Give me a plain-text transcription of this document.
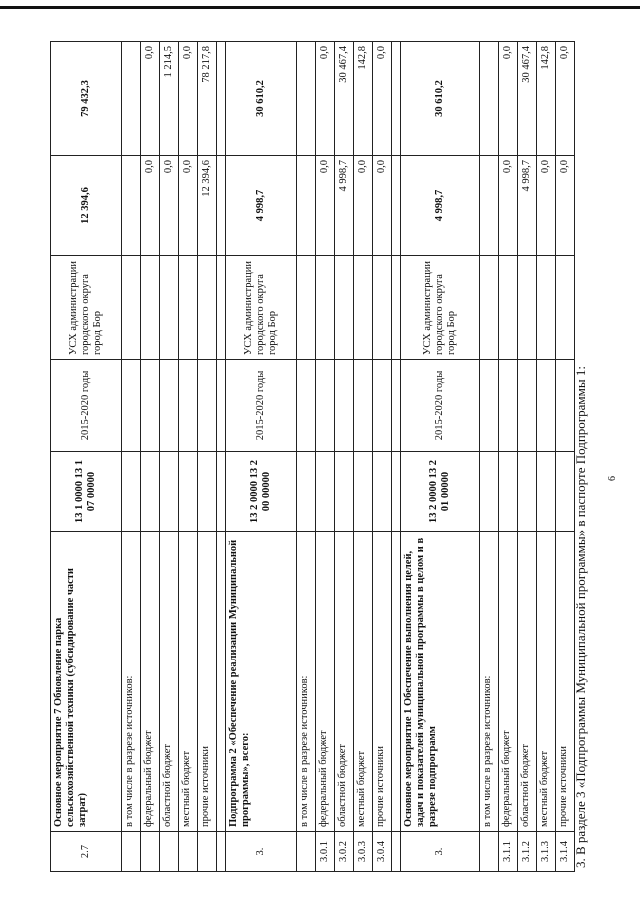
2.7	Основное мероприятие 7 Обновление парка сельскохозяйственной техники (субсидирование части затрат)	13 1 0000 13 1 07 00000	2015-2020 годы	УСХ администрации городского округа город Бор	12 394,6	79 432,3
	в том числе в разрезе источников:					
	федеральный бюджет				0,0	0,0
	областной бюджет				0,0	1 214,5
	местный бюджет				0,0	0,0
	прочие источники				12 394,6	78 217,8

3.	Подпрограмма 2 «Обеспечение реализации Муниципальной программы», всего:	13 2 0000 13 2 00 00000	2015-2020 годы	УСХ администрации городского округа город Бор	4 998,7	30 610,2
	в том числе в разрезе источников:					
3.0.1	федеральный бюджет				0,0	0,0
3.0.2	областной бюджет				4 998,7	30 467,4
3.0.3	местный бюджет				0,0	142,8
3.0.4	прочие источники				0,0	0,0

3.	Основное мероприятие 1 Обеспечение выполнения целей, задач и показателей муниципальной программы в целом и в разрезе подпрограмм	13 2 0000 13 2 01 00000	2015-2020 годы	УСХ администрации городского округа город Бор	4 998,7	30 610,2
	в том числе в разрезе источников:					
3.1.1	федеральный бюджет				0,0	0,0
3.1.2	областной бюджет				4 998,7	30 467,4
3.1.3	местный бюджет				0,0	142,8
3.1.4	прочие источники				0,0	0,0
3. В разделе 3 «Подпрограммы Муниципальной программы» в паспорте Подпрограммы 1: 6
